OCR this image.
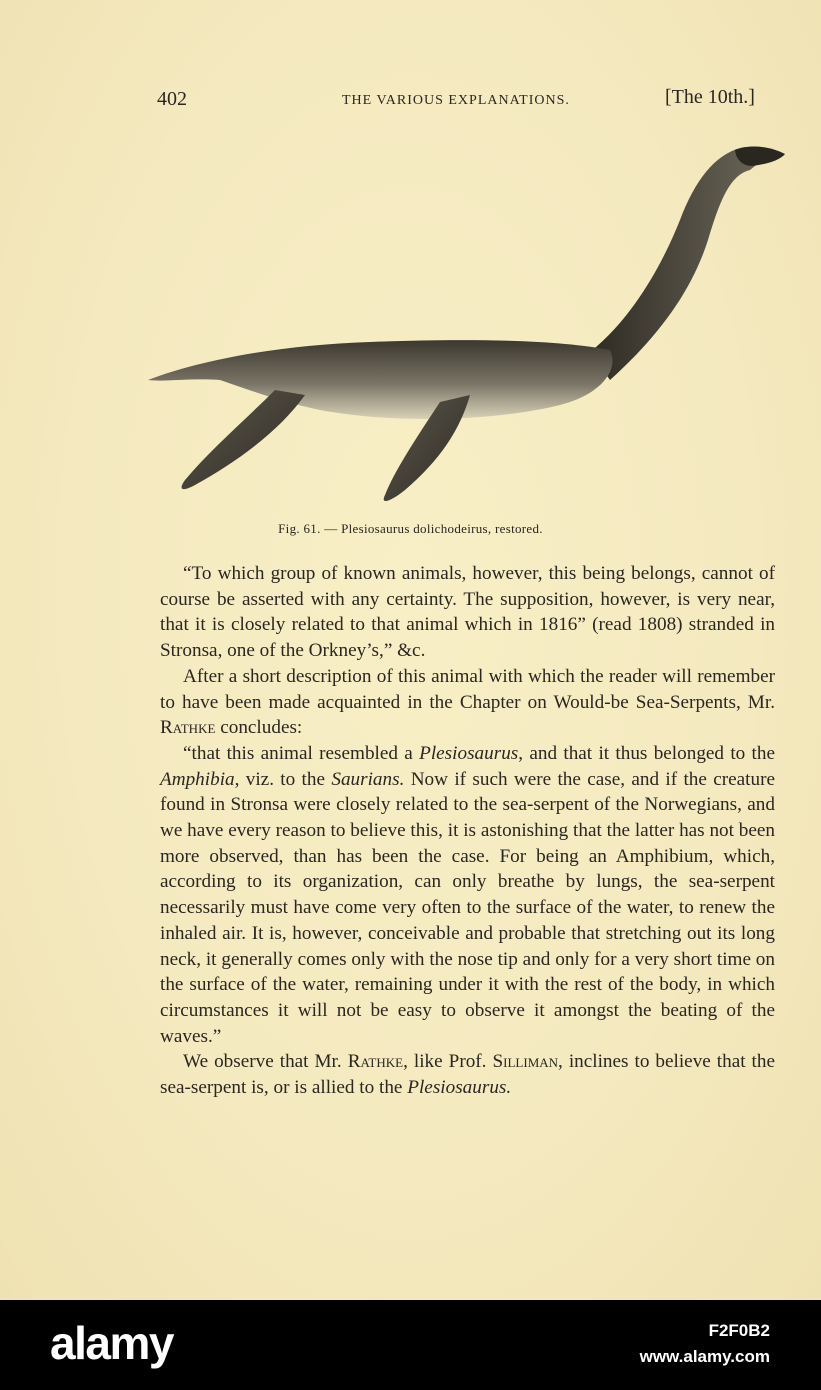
402	THE VARIOUS EXPLANATIONS.	[The 10th.]
Fig. 61. — Plesiosaurus dolichodeirus, restored.

“To which group of known animals, however, this being belongs, cannot of course be asserted with any certainty. The supposition, however, is very near, that it is closely related to that animal which in 1816” (read 1808) stranded in Stronsa, one of the Orkney’s,” &c.

After a short description of this animal with which the reader will remember to have been made acquainted in the Chapter on Would-be Sea-Serpents, Mr. Rathke concludes:

“that this animal resembled a Plesiosaurus, and that it thus belonged to the Amphibia, viz. to the Saurians. Now if such were the case, and if the creature found in Stronsa were closely related to the sea-serpent of the Norwegians, and we have every reason to believe this, it is astonishing that the latter has not been more observed, than has been the case. For being an Amphibium, which, according to its organization, can only breathe by lungs, the sea-serpent necessarily must have come very often to the surface of the water, to renew the inhaled air. It is, however, conceivable and probable that stretching out its long neck, it generally comes only with the nose tip and only for a very short time on the surface of the water, remaining under it with the rest of the body, in which circumstances it will not be easy to observe it amongst the beating of the waves.”

We observe that Mr. Rathke, like Prof. Silliman, inclines to believe that the sea-serpent is, or is allied to the Plesiosaurus.

alamy	F2F0B2
www.alamy.com
